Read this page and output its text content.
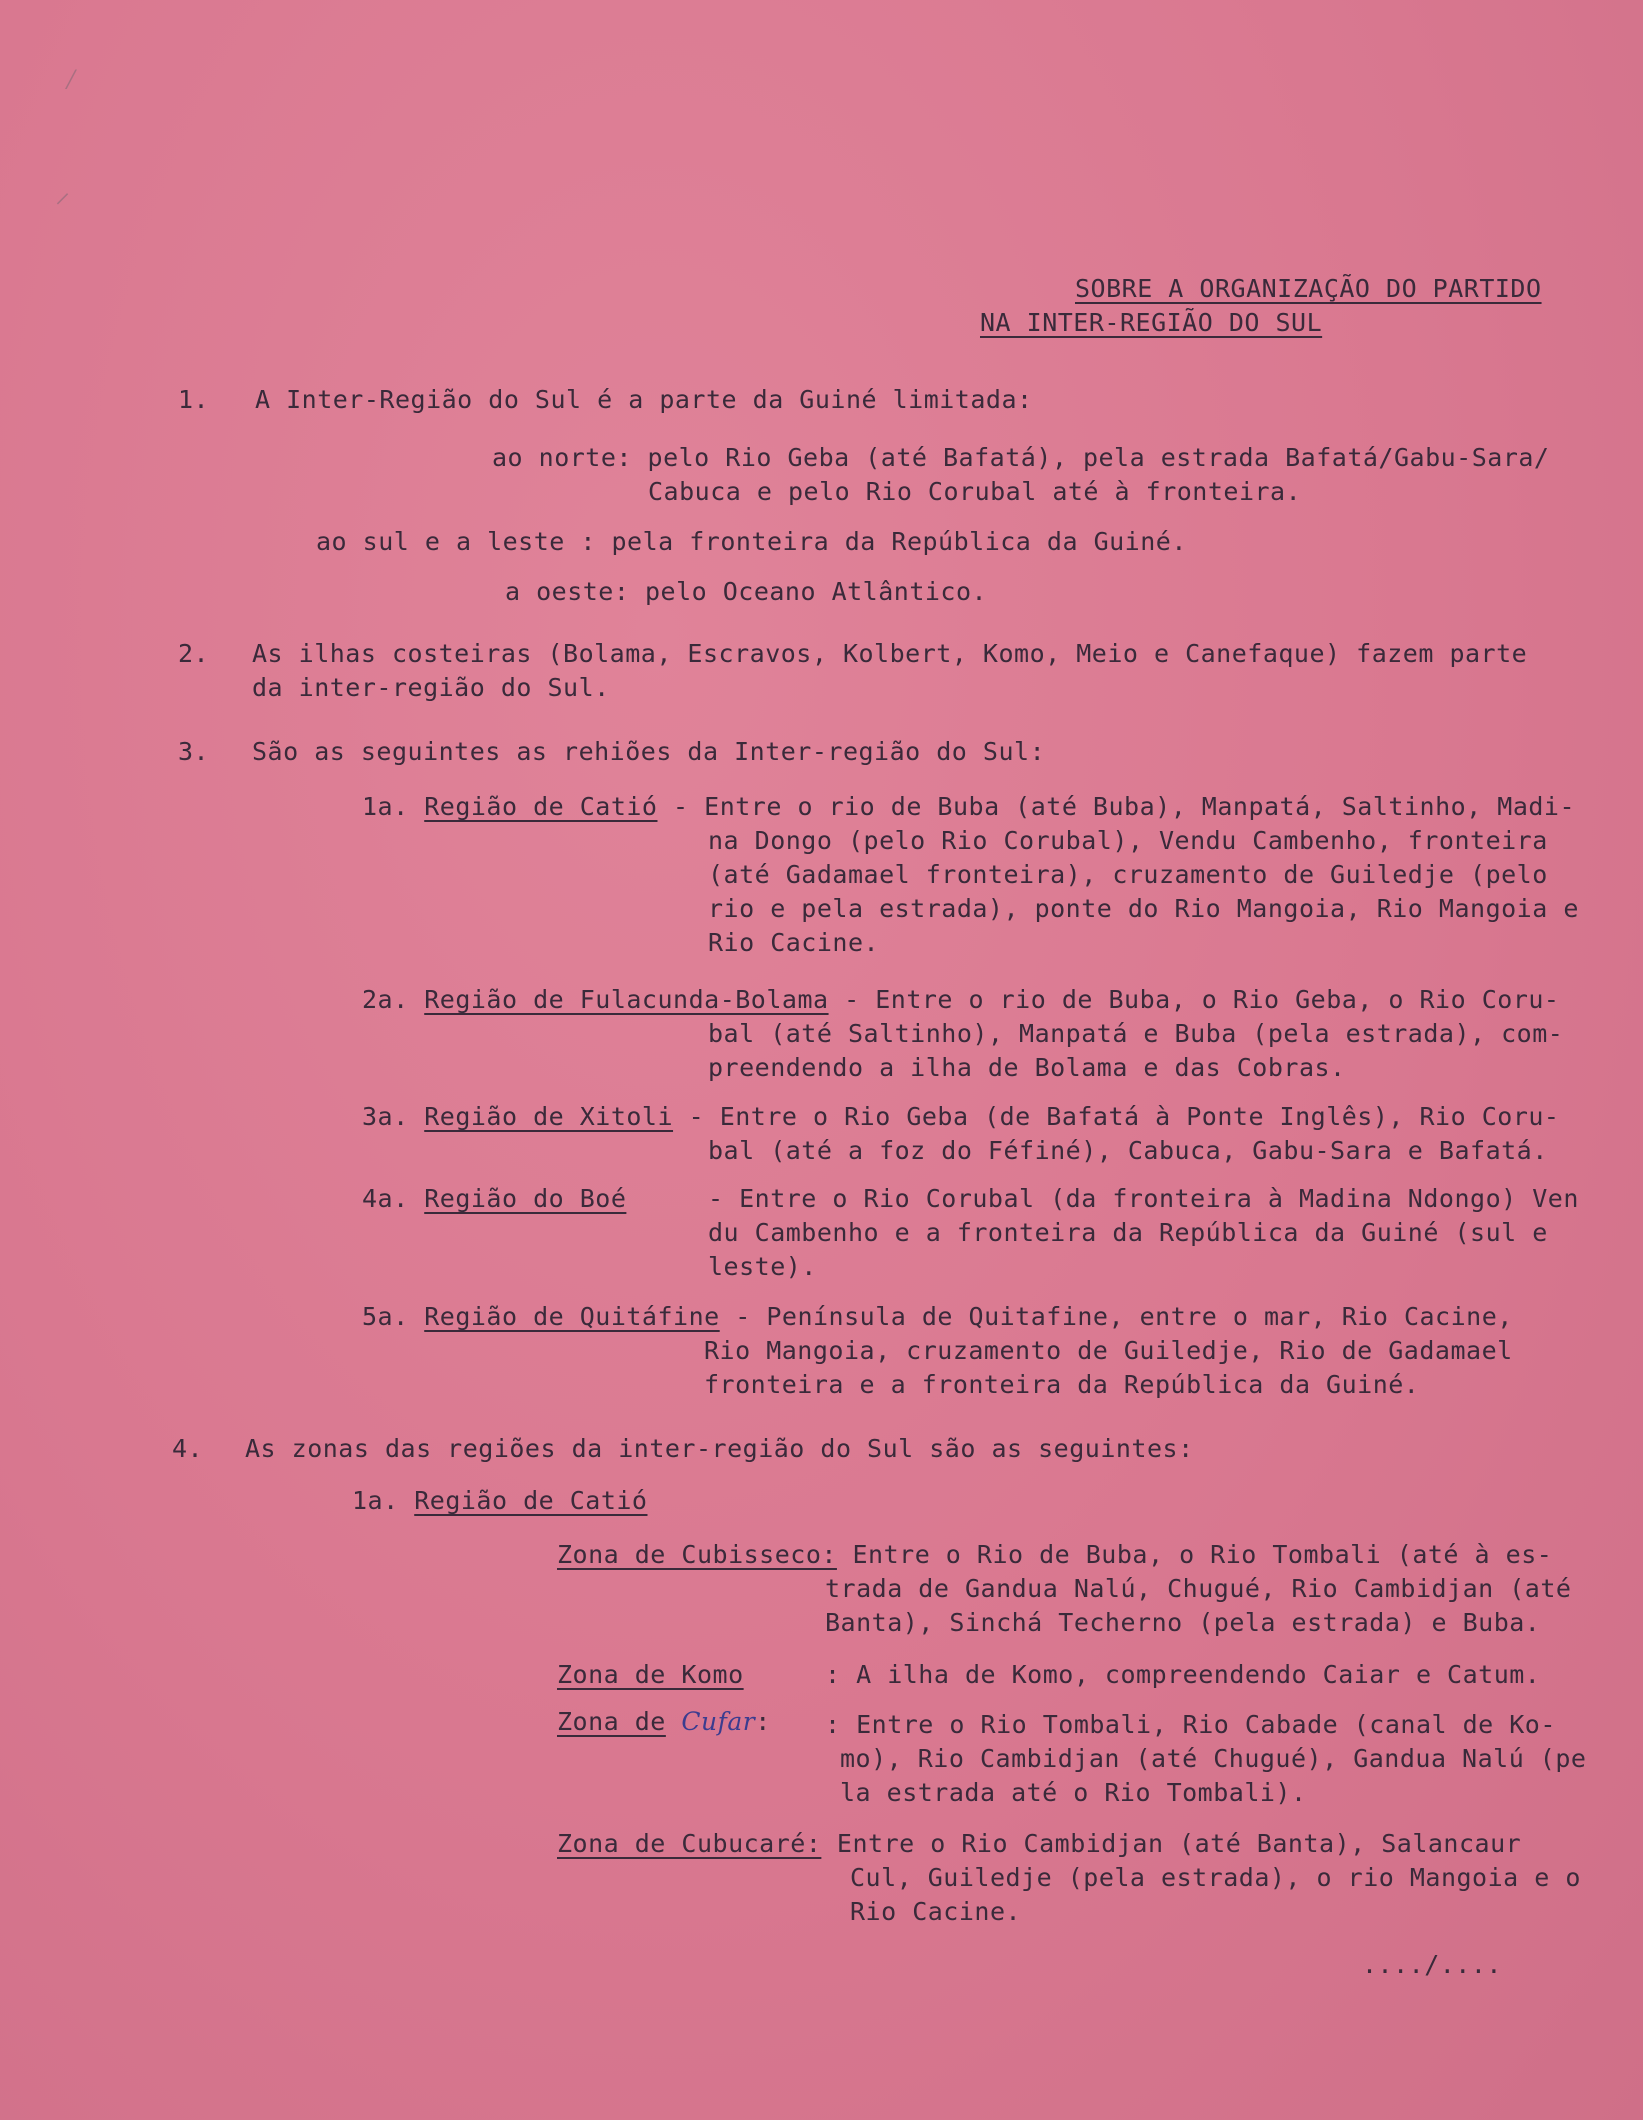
⁄
⸝
SOBRE A ORGANIZAÇÃO DO PARTIDO
NA INTER-REGIÃO DO SUL
1. A Inter-Região do Sul é a parte da Guiné limitada:
ao norte: pelo Rio Geba (até Bafatá), pela estrada Bafatá/Gabu-Sara/
Cabuca e pelo Rio Corubal até à fronteira.
ao sul e a leste : pela fronteira da República da Guiné.
a oeste: pelo Oceano Atlântico.
2. As ilhas costeiras (Bolama, Escravos, Kolbert, Komo, Meio e Canefaque) fazem parte
da inter-região do Sul.
3. São as seguintes as rehiões da Inter-região do Sul:
1a. Região de Catió - Entre o rio de Buba (até Buba), Manpatá, Saltinho, Madi-
na Dongo (pelo Rio Corubal), Vendu Cambenho, fronteira
(até Gadamael fronteira), cruzamento de Guiledje (pelo
rio e pela estrada), ponte do Rio Mangoia, Rio Mangoia e
Rio Cacine.
2a. Região de Fulacunda-Bolama - Entre o rio de Buba, o Rio Geba, o Rio Coru-
bal (até Saltinho), Manpatá e Buba (pela estrada), com-
preendendo a ilha de Bolama e das Cobras.
3a. Região de Xitoli - Entre o Rio Geba (de Bafatá à Ponte Inglês), Rio Coru-
bal (até a foz do Féfiné), Cabuca, Gabu-Sara e Bafatá.
4a. Região do Boé	- Entre o Rio Corubal (da fronteira à Madina Ndongo) Ven
du Cambenho e a fronteira da República da Guiné (sul e
leste).
5a. Região de Quitáfine - Península de Quitafine, entre o mar, Rio Cacine,
Rio Mangoia, cruzamento de Guiledje, Rio de Gadamael
fronteira e a fronteira da República da Guiné.
4. As zonas das regiões da inter-região do Sul são as seguintes:
1a. Região de Catió
Zona de Cubisseco: Entre o Rio de Buba, o Rio Tombali (até à es-
trada de Gandua Nalú, Chugué, Rio Cambidjan (até
Banta), Sinchá Techerno (pela estrada) e Buba.
Zona de Komo	: A ilha de Komo, compreendendo Caiar e Catum.
Zona de Cufar: : Entre o Rio Tombali, Rio Cabade (canal de Ko-
mo), Rio Cambidjan (até Chugué), Gandua Nalú (pe
la estrada até o Rio Tombali).
Zona de Cubucaré: Entre o Rio Cambidjan (até Banta), Salancaur
Cul, Guiledje (pela estrada), o rio Mangoia e o
Rio Cacine.
..../....
